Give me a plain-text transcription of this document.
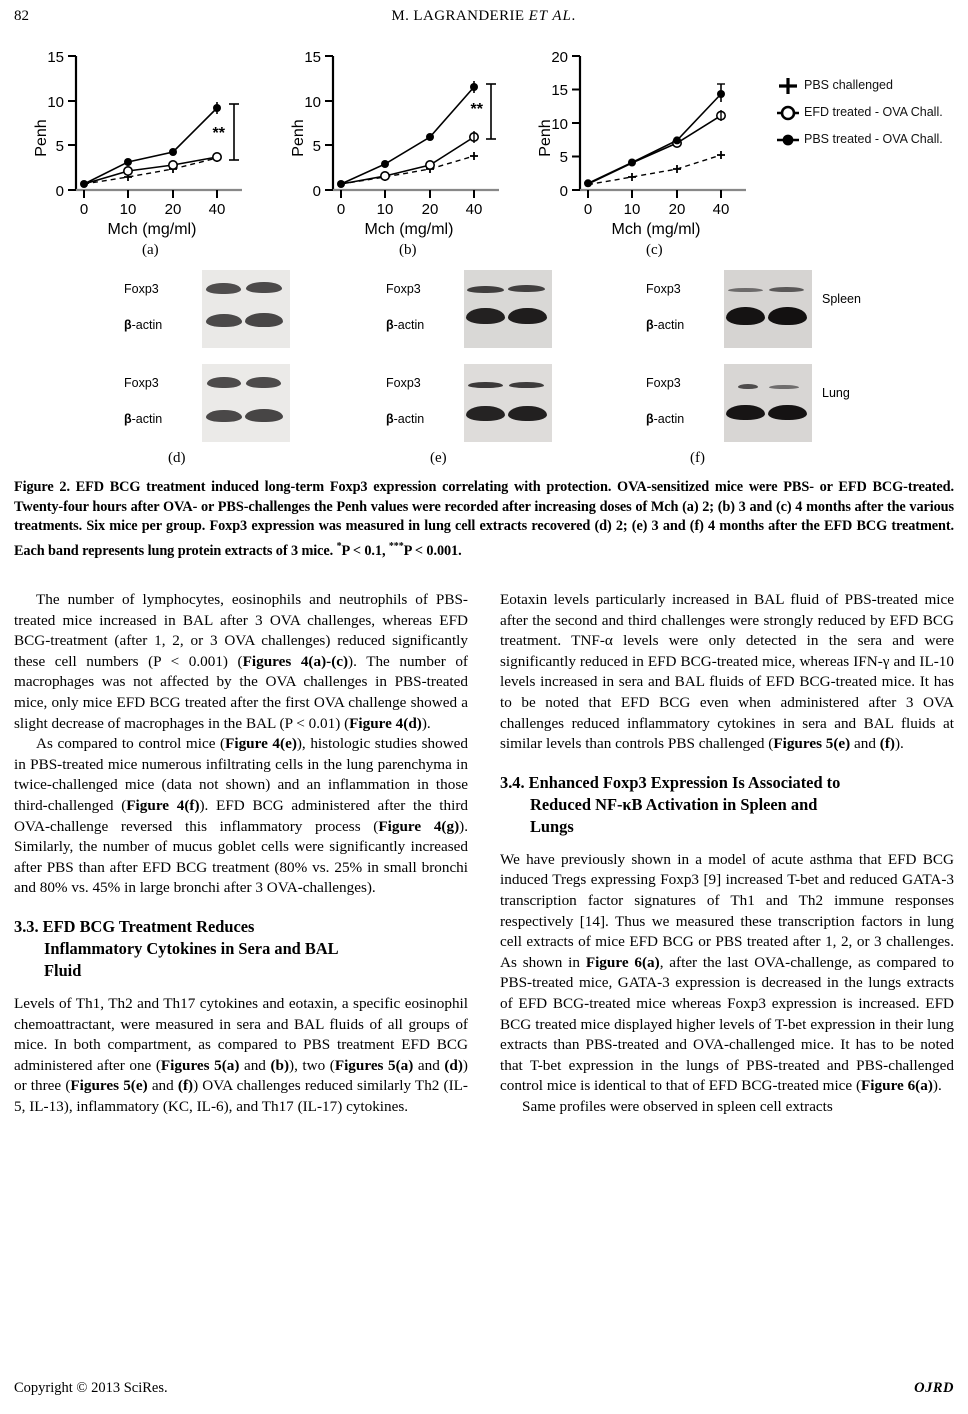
82	M. LAGRANDERIE ET AL.
15
10
5
0
0 10 20 40
Mch (mg/ml)
Penh	**
15
10
5
0
0 10 20 40
Mch (mg/ml)
Penh
**
20
15
10
5
0
0 10 20 40
Mch (mg/ml)
Penh
PBS challenged
EFD treated - OVA Chall.
PBS treated - OVA Chall.
(a)	(b)	(c)
Foxp3
β-actin
Foxp3
β-actin
Foxp3
β-actin
Foxp3
β-actin
Foxp3
β-actin
Spleen
Foxp3
β-actin
Lung
(d)	(e)	(f)
Figure 2. EFD BCG treatment induced long-term Foxp3 expression correlating with protection. OVA-sensitized mice were PBS- or EFD BCG-treated. Twenty-four hours after OVA- or PBS-challenges the Penh values were recorded after increasing doses of Mch (a) 2; (b) 3 and (c) 4 months after the various treatments. Six mice per group. Foxp3 expression was measured in lung cell extracts recovered (d) 2; (e) 3 and (f) 4 months after the EFD BCG treatment. Each band represents lung protein extracts of 3 mice. *P < 0.1, ***P < 0.001.

The number of lymphocytes, eosinophils and neutrophils of PBS-treated mice increased in BAL after 3 OVA challenges, whereas EFD BCG-treatment (after 1, 2, or 3 OVA challenges) reduced significantly these cell numbers (P < 0.001) (Figures 4(a)-(c)). The number of macrophages was not affected by the OVA challenges in PBS-treated mice, only mice EFD BCG treated after the first OVA challenge showed a slight decrease of macrophages in the BAL (P < 0.01) (Figure 4(d)).

As compared to control mice (Figure 4(e)), histologic studies showed in PBS-treated mice numerous infiltrating cells in the lung parenchyma in twice-challenged mice (data not shown) and an inflammation in those third-challenged (Figure 4(f)). EFD BCG administered after the third OVA-challenge reversed this inflammatory process (Figure 4(g)). Similarly, the number of mucus goblet cells were significantly increased after PBS than after EFD BCG treatment (80% vs. 25% in small bronchi and 80% vs. 45% in large bronchi after 3 OVA-challenges).

3.3. EFD BCG Treatment Reduces
Inflammatory Cytokines in Sera and BAL
Fluid

Levels of Th1, Th2 and Th17 cytokines and eotaxin, a specific eosinophil chemoattractant, were measured in sera and BAL fluids of all groups of mice. In both compartment, as compared to PBS treatment EFD BCG administered after one (Figures 5(a) and (b)), two (Figures 5(a) and (d)) or three (Figures 5(e) and (f)) OVA challenges reduced similarly Th2 (IL-5, IL-13), inflammatory (KC, IL-6), and Th17 (IL-17) cytokines.

Eotaxin levels particularly increased in BAL fluid of PBS-treated mice after the second and third challenges were strongly reduced by EFD BCG treatment. TNF-α levels were only detected in the sera and were significantly reduced in EFD BCG-treated mice, whereas IFN-γ and IL-10 levels increased in sera and BAL fluids of EFD BCG-treated mice. It has to be noted that EFD BCG even when administered after 3 OVA challenges reduced inflammatory cytokines in sera and BAL fluids at similar levels than controls PBS challenged (Figures 5(e) and (f)).

3.4. Enhanced Foxp3 Expression Is Associated to
Reduced NF-κB Activation in Spleen and
Lungs

We have previously shown in a model of acute asthma that EFD BCG induced Tregs expressing Foxp3 [9] increased T-bet and reduced GATA-3 transcription factor signatures of Th1 and Th2 immune responses respectively [14]. Thus we measured these transcription factors in lung cell extracts of mice EFD BCG or PBS treated after 1, 2, or 3 challenges. As shown in Figure 6(a), after the last OVA-challenge, as compared to PBS-treated mice, GATA-3 expression is decreased in the lungs extracts of EFD BCG-treated mice whereas Foxp3 expression is increased. EFD BCG treated mice displayed higher levels of T-bet expression in their lung extracts than PBS-treated and OVA-challenged mice. It has to be noted that T-bet expression in the lungs of PBS-treated and PBS-challenged control mice is identical to that of EFD BCG-treated mice (Figure 6(a)).

Same profiles were observed in spleen cell extracts

Copyright © 2013 SciRes.	OJRD
